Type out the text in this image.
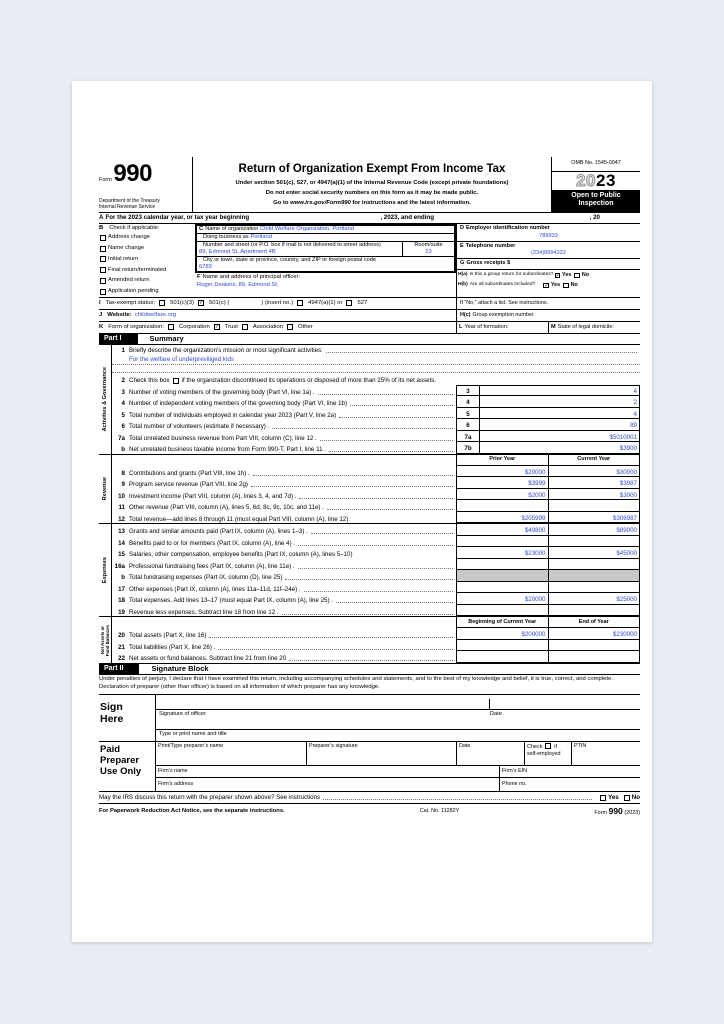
Form 990
Department of the Treasury
Internal Revenue Service
Return of Organization Exempt From Income Tax
Under section 501(c), 527, or 4947(a)(1) of the Internal Revenue Code (except private foundations)
Do not enter social security numbers on this form as it may be made public.
Go to www.irs.gov/Form990 for instructions and the latest information.
OMB No. 1545-0047
2023
Open to Public
Inspection
A For the 2023 calendar year, or tax year beginning	, 2023, and ending	, 20
B Check if applicable:
Address change
Name change
Initial return
Final return/terminated
Amended return
Application pending
C Name of organization Child Welfare Organization, Portland
Doing business as Portland
Number and street (or P.O. box if mail is not delivered to street address)
89, Edmond St, Apartment 4B
Room/suite
23
City or town, state or province, country, and ZIP or foreign postal code
6783
F Name and address of principal officer:
Roger Deakins, 89, Edmond St.
D Employer identification number
789933
E Telephone number
(234)8994322
G Gross receipts $
H(a) Is this a group return for subordinates? ✓ Yes No
H(b) Are all subordinates included? ✓ Yes No
I Tax-exempt status:	501(c)(3) ✓ 501(c) (	) (insert no.)	4947(a)(1) or	527	If “No,” attach a list. See instructions.
J Website: childwelfare.org	H(c) Group exemption number
K Form of organization:	Corporation ✓ Trust	Association	Other	L Year of formation:	M State of legal domicile:
Part I	Summary
Activities & Governance
1 Briefly describe the organization’s mission or most significant activities:
For the welfare of underpreviliged kids
2 Check this box if the organization discontinued its operations or disposed of more than 25% of its net assets.
3 Number of voting members of the governing body (Part VI, line 1a) .	3	4
4 Number of independent voting members of the governing body (Part VI, line 1b)	4	2
5 Total number of individuals employed in calendar year 2023 (Part V, line 2a)	5	4
6 Total number of volunteers (estimate if necessary) .	6	89
7a Total unrelated business revenue from Part VIII, column (C), line 12 .	7a	$5010001
b Net unrelated business taxable income from Form 990-T, Part I, line 11 .	7b	$3900
Revenue
Prior Year	Current Year
8 Contributions and grants (Part VIII, line 1h) .	$20000	$30000
9 Program service revenue (Part VIII, line 2g)	$3999	$3987
10 Investment income (Part VIII, column (A), lines 3, 4, and 7d) .	$2000	$3000
11 Other revenue (Part VIII, column (A), lines 5, 6d, 8c, 9c, 10c, and 11e) .
12 Total revenue—add lines 8 through 11 (must equal Part VIII, column (A), line 12)	$205999	$306987
Expenses
13 Grants and similar amounts paid (Part IX, column (A), lines 1–3) .	$49800	$89000
14 Benefits paid to or for members (Part IX, column (A), line 4) .
15 Salaries, other compensation, employee benefits (Part IX, column (A), lines 5–10)	$23000	$45000
16a Professional fundraising fees (Part IX, column (A), line 11e) .
b Total fundraising expenses (Part IX, column (D), line 25)
17 Other expenses (Part IX, column (A), lines 11a–11d, 11f–24e) .
18 Total expenses. Add lines 13–17 (must equal Part IX, column (A), line 25) .	$20000	$25000
19 Revenue less expenses. Subtract line 18 from line 12 .
Net Assets or Fund Balances
Beginning of Current Year	End of Year
20 Total assets (Part X, line 16)	$200000	$230000
21 Total liabilities (Part X, line 26) .
22 Net assets or fund balances. Subtract line 21 from line 20
Part II	Signature Block
Under penalties of perjury, I declare that I have examined this return, including accompanying schedules and statements, and to the best of my knowledge and belief, it is true, correct, and complete. Declaration of preparer (other than officer) is based on all information of which preparer has any knowledge.
Sign
Here	Signature of officer	Date
Type or print name and title
Paid
Preparer
Use Only
Print/Type preparer’s name	Preparer’s signature	Date	Check if
self-employed
PTIN
Firm’s name	Firm’s EIN
Firm’s address	Phone no.
May the IRS discuss this return with the preparer shown above? See instructions	Yes No
For Paperwork Reduction Act Notice, see the separate instructions.	Cat. No. 11282Y	Form 990 (2023)
